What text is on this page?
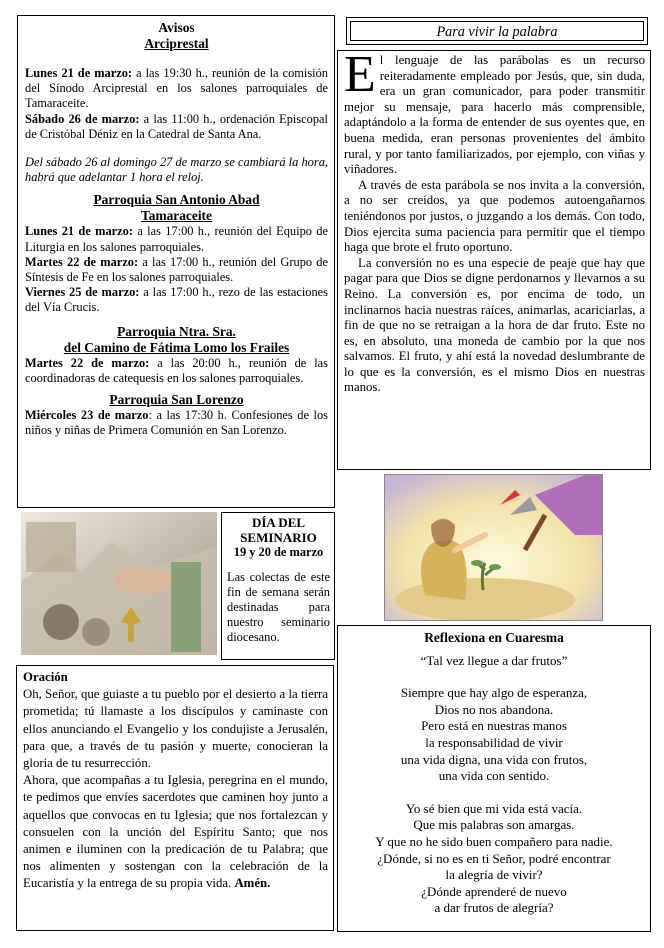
Avisos

Arciprestal

Lunes 21 de marzo: a las 19:30 h., reunión de la comisión del Sínodo Arciprestal en los salones parroquiales de Tamaraceite.

Sábado 26 de marzo: a las 11:00 h., ordenación Episcopal de Cristóbal Déniz en la Catedral de Santa Ana.

Del sábado 26 al domingo 27 de marzo se cambiará la hora, habrá que adelantar 1 hora el reloj.

Parroquia San Antonio Abad

Tamaraceite

Lunes 21 de marzo: a las 17:00 h., reunión del Equipo de Liturgia en los salones parroquiales.

Martes 22 de marzo: a las 17:00 h., reunión del Grupo de Síntesis de Fe en los salones parroquiales.

Viernes 25 de marzo: a las 17:00 h., rezo de las estaciones del Vía Crucis.

Parroquia Ntra. Sra.

del Camino de Fátima Lomo los Frailes

Martes 22 de marzo: a las 20:00 h., reunión de las coordinadoras de catequesis en los salones parroquiales.

Parroquia San Lorenzo

Miércoles 23 de marzo: a las 17:30 h. Confesiones de los niños y niñas de Primera Comunión en San Lorenzo.

Para vivir la palabra

El lenguaje de las parábolas es un recurso reiteradamente empleado por Jesús, que, sin duda, era un gran comunicador, para poder transmitir mejor su mensaje, para hacerlo más comprensible, adaptándolo a la forma de entender de sus oyentes que, en buena medida, eran personas provenientes del ámbito rural, y por tanto familiarizados, por ejemplo, con viñas y viñadores.

A través de esta parábola se nos invita a la conversión, a no ser creídos, ya que podemos autoengañarnos teniéndonos por justos, o juzgando a los demás. Con todo, Dios ejercita suma paciencia para permitir que el tiempo haga que brote el fruto oportuno.

La conversión no es una especie de peaje que hay que pagar para que Dios se digne perdonarnos y llevarnos a su Reino. La conversión es, por encima de todo, un inclinarnos hacia nuestras raíces, animarlas, acariciarlas, a fin de que no se retraigan a la hora de dar fruto. Este no es, en absoluto, una moneda de cambio por la que nos salvamos. El fruto, y ahí está la novedad deslumbrante de lo que es la conversión, es el mismo Dios en nuestras manos.

DÍA DEL

SEMINARIO

19 y 20 de marzo

Las colectas de este fin de semana serán destinadas para nuestro seminario diocesano.

Oración

Oh, Señor, que guiaste a tu pueblo por el desierto a la tierra prometida; tú llamaste a los discípulos y caminaste con ellos anunciando el Evangelio y los condujiste a Jerusalén, para que, a través de tu pasión y muerte, conocieran la gloria de tu resurrección.

Ahora, que acompañas a tu Iglesia, peregrina en el mundo, te pedimos que envíes sacerdotes que caminen hoy junto a aquellos que convocas en tu Iglesia; que nos fortalezcan y consuelen con la unción del Espíritu Santo; que nos animen e iluminen con la predicación de tu Palabra; que nos alimenten y sostengan con la celebración de la Eucaristía y la entrega de su propia vida. Amén.

Reflexiona en Cuaresma

“Tal vez llegue a dar frutos”

Siempre que hay algo de esperanza,

Dios no nos abandona.

Pero está en nuestras manos

la responsabilidad de vivir

una vida digna, una vida con frutos,

una vida con sentido.

Yo sé bien que mi vida está vacía.

Que mis palabras son amargas.

Y que no he sido buen compañero para nadie.

¿Dónde, si no es en ti Señor, podré encontrar

la alegría de vivir?

¿Dónde aprenderé de nuevo

a dar frutos de alegría?
